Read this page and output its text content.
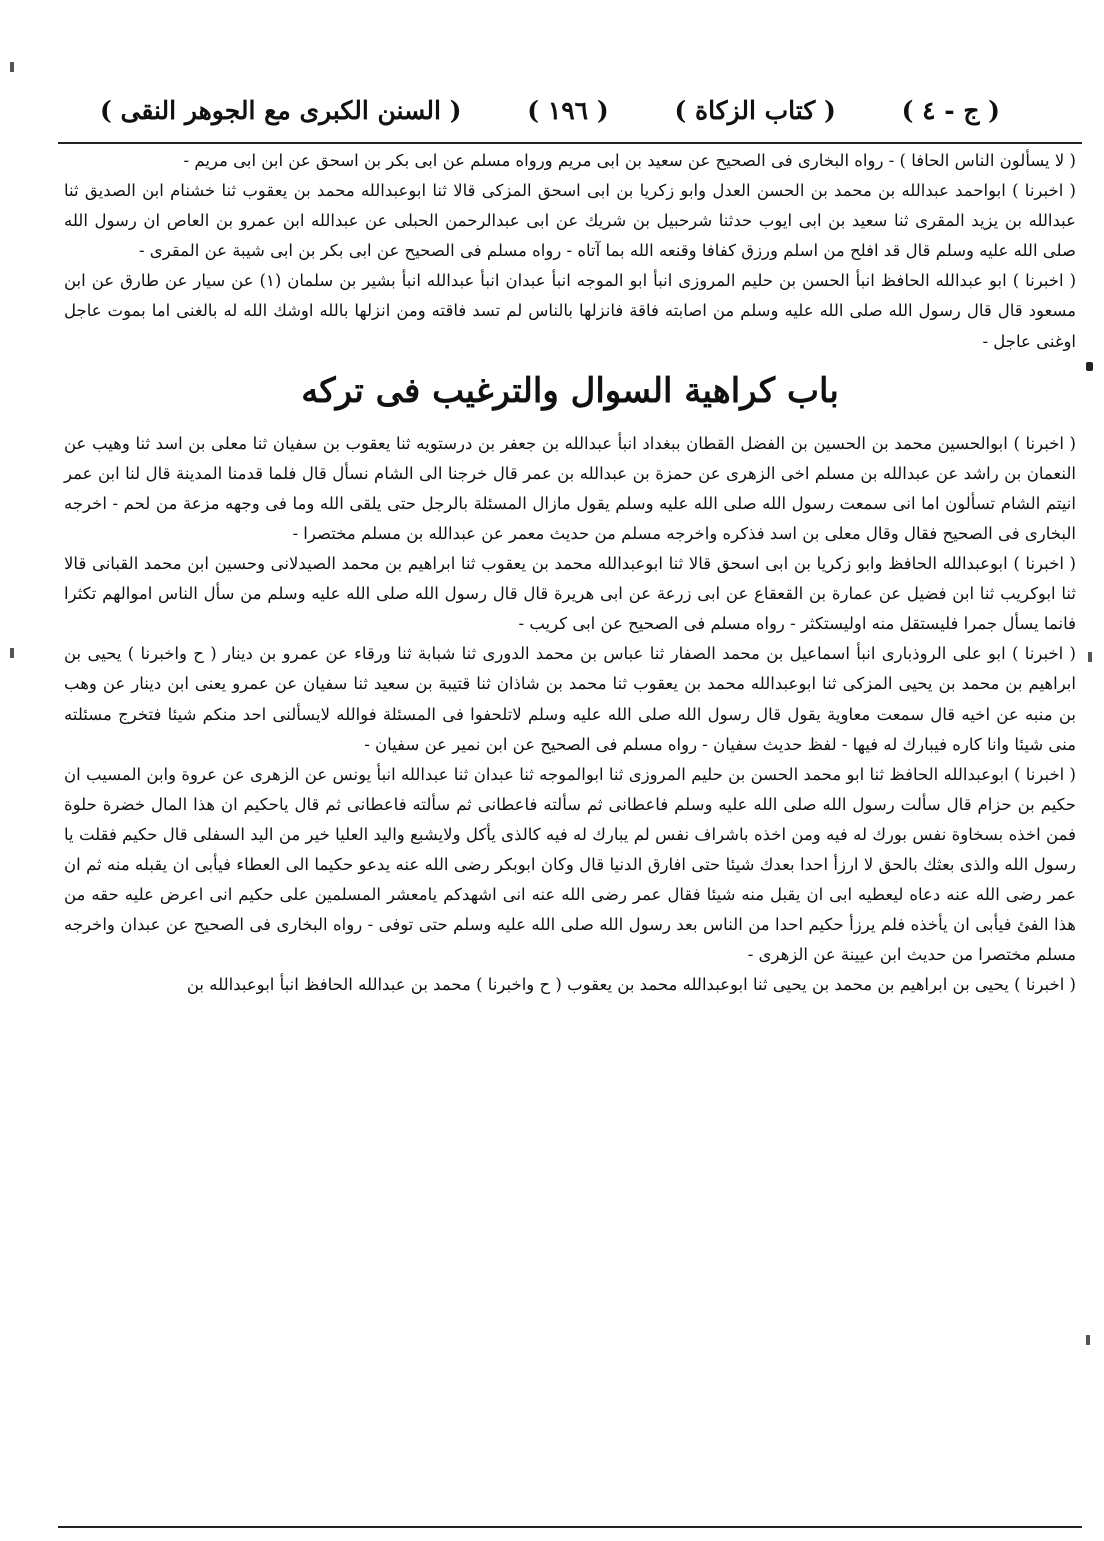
( السنن الكبرى مع الجوهر النقى )	( ١٩٦ )	( كتاب الزكاة )	( ج - ٤ )

( لا يسألون الناس الحافا ) - رواه البخارى فى الصحيح عن سعيد بن ابى مريم ورواه مسلم عن ابى بكر بن اسحق عن ابن ابى مريم -

( اخبرنا ) ابواحمد عبدالله بن محمد بن الحسن العدل وابو زكريا بن ابى اسحق المزكى قالا ثنا ابوعبدالله محمد بن يعقوب ثنا خشنام ابن الصديق ثنا عبدالله بن يزيد المقرى ثنا سعيد بن ابى ايوب حدثنا شرحبيل بن شريك عن ابى عبدالرحمن الحبلى عن عبدالله ابن عمرو بن العاص ان رسول الله صلى الله عليه وسلم قال قد افلح من اسلم ورزق كفافا وقنعه الله بما آتاه - رواه مسلم فى الصحيح عن ابى بكر بن ابى شيبة عن المقرى -

( اخبرنا ) ابو عبدالله الحافظ انبأ الحسن بن حليم المروزى انبأ ابو الموجه انبأ عبدان انبأ عبدالله انبأ بشير بن سلمان (١) عن سيار عن طارق عن ابن مسعود قال قال رسول الله صلى الله عليه وسلم من اصابته فاقة فانزلها بالناس لم تسد فاقته ومن انزلها بالله اوشك الله له بالغنى اما بموت عاجل اوغنى عاجل -

باب كراهية السوال والترغيب فى تركه

( اخبرنا ) ابوالحسين محمد بن الحسين بن الفضل القطان ببغداد انبأ عبدالله بن جعفر بن درستويه ثنا يعقوب بن سفيان ثنا معلى بن اسد ثنا وهيب عن النعمان بن راشد عن عبدالله بن مسلم اخى الزهرى عن حمزة بن عبدالله بن عمر قال خرجنا الى الشام نسأل قال فلما قدمنا المدينة قال لنا ابن عمر انيتم الشام تسألون اما انى سمعت رسول الله صلى الله عليه وسلم يقول مازال المسئلة بالرجل حتى يلقى الله وما فى وجهه مزعة من لحم - اخرجه البخارى فى الصحيح فقال وقال معلى بن اسد فذكره واخرجه مسلم من حديث معمر عن عبدالله بن مسلم مختصرا -

( اخبرنا ) ابوعبدالله الحافظ وابو زكريا بن ابى اسحق قالا ثنا ابوعبدالله محمد بن يعقوب ثنا ابراهيم بن محمد الصيدلانى وحسين ابن محمد القبانى قالا ثنا ابوكريب ثنا ابن فضيل عن عمارة بن القعقاع عن ابى زرعة عن ابى هريرة قال قال رسول الله صلى الله عليه وسلم من سأل الناس اموالهم تكثرا فانما يسأل جمرا فليستقل منه اوليستكثر - رواه مسلم فى الصحيح عن ابى كريب -

( اخبرنا ) ابو على الروذبارى انبأ اسماعيل بن محمد الصفار ثنا عباس بن محمد الدورى ثنا شبابة ثنا ورقاء عن عمرو بن دينار ( ح واخبرنا ) يحيى بن ابراهيم بن محمد بن يحيى المزكى ثنا ابوعبدالله محمد بن يعقوب ثنا محمد بن شاذان ثنا قتيبة بن سعيد ثنا سفيان عن عمرو يعنى ابن دينار عن وهب بن منبه عن اخيه قال سمعت معاوية يقول قال رسول الله صلى الله عليه وسلم لاتلحفوا فى المسئلة فوالله لايسألنى احد منكم شيئا فتخرج مسئلته منى شيئا وانا كاره فيبارك له فيها - لفظ حديث سفيان - رواه مسلم فى الصحيح عن ابن نمير عن سفيان -

( اخبرنا ) ابوعبدالله الحافظ ثنا ابو محمد الحسن بن حليم المروزى ثنا ابوالموجه ثنا عبدان ثنا عبدالله انبأ يونس عن الزهرى عن عروة وابن المسيب ان حكيم بن حزام قال سألت رسول الله صلى الله عليه وسلم فاعطانى ثم سألته فاعطانى ثم سألته فاعطانى ثم قال ياحكيم ان هذا المال خضرة حلوة فمن اخذه بسخاوة نفس بورك له فيه ومن اخذه باشراف نفس لم يبارك له فيه كالذى يأكل ولايشبع واليد العليا خير من اليد السفلى قال حكيم فقلت يا رسول الله والذى بعثك بالحق لا ارزأ احدا بعدك شيئا حتى افارق الدنيا قال وكان ابوبكر رضى الله عنه يدعو حكيما الى العطاء فيأبى ان يقبله منه ثم ان عمر رضى الله عنه دعاه ليعطيه ابى ان يقبل منه شيئا فقال عمر رضى الله عنه انى اشهدكم يامعشر المسلمين على حكيم انى اعرض عليه حقه من هذا الفئ فيأبى ان يأخذه فلم يرزأ حكيم احدا من الناس بعد رسول الله صلى الله عليه وسلم حتى توفى - رواه البخارى فى الصحيح عن عبدان واخرجه مسلم مختصرا من حديث ابن عيينة عن الزهرى -

( اخبرنا ) يحيى بن ابراهيم بن محمد بن يحيى ثنا ابوعبدالله محمد بن يعقوب ( ح واخبرنا ) محمد بن عبدالله الحافظ انبأ ابوعبدالله بن
